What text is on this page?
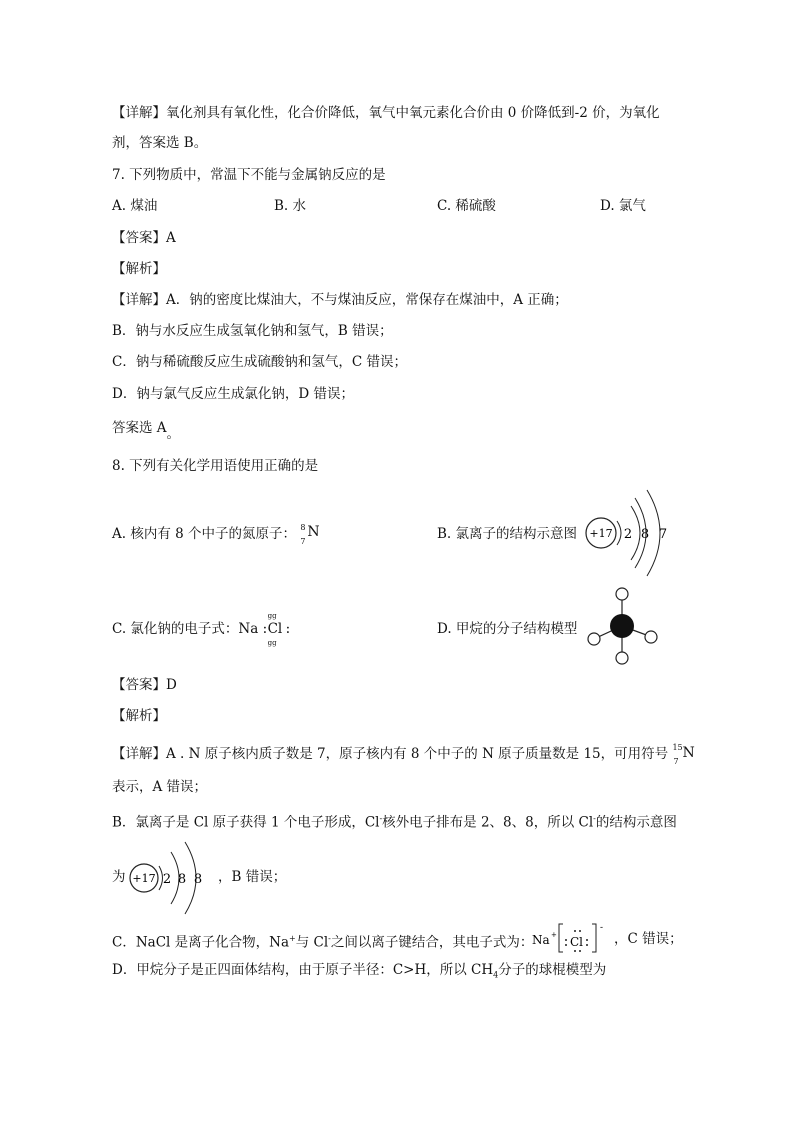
【详解】氧化剂具有氧化性，化合价降低，氧气中氧元素化合价由 0 价降低到-2 价，为氧化
剂，答案选 B。
7. 下列物质中，常温下不能与金属钠反应的是
A. 煤油	B. 水	C. 稀硫酸	D. 氯气
【答案】A
【解析】
【详解】A．钠的密度比煤油大，不与煤油反应，常保存在煤油中，A 正确；
B．钠与水反应生成氢氧化钠和氢气，B 错误；
C．钠与稀硫酸反应生成硫酸钠和氢气，C 错误；
D．钠与氯气反应生成氯化钠，D 错误；
答案选 A。
8. 下列有关化学用语使用正确的是
A. 核内有 8 个中子的氮原子： 8
7
N	B. 氯离子的结构示意图 +17 2 8 7
C. 氯化钠的电子式：Na :
gg
Cl :
gg
D. 甲烷的分子结构模型
【答案】D
【解析】
【详解】A . N 原子核内质子数是 7，原子核内有 8 个中子的 N 原子质量数是 15，可用符号 15
7
N
表示，A 错误；
B．氯离子是 Cl 原子获得 1 个电子形成，Cl-核外电子排布是 2、8、8，所以 Cl-的结构示意图
为 +17 2 8 8 ，B 错误；
C．NaCl 是离子化合物，Na+与 Cl-之间以离子键结合，其电子式为：
Na + Cl
-
，C 错误；
D．甲烷分子是正四面体结构，由于原子半径：C>H，所以 $CH_4$分子的球棍模型为
